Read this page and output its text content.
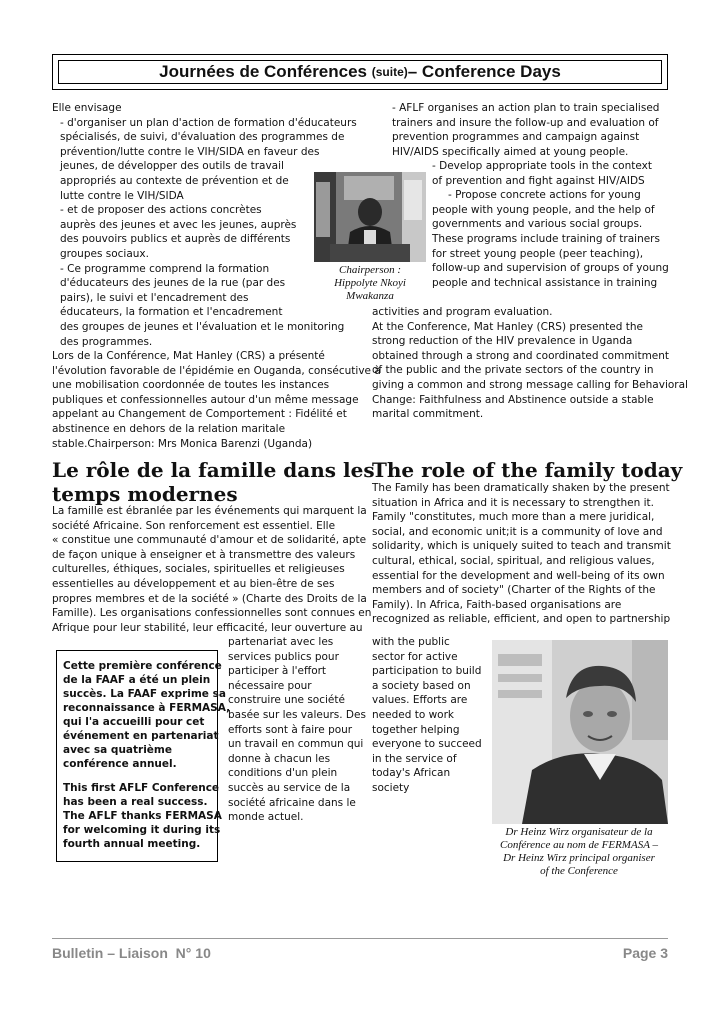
Journées de Conférences
(suite) – Conference Days
Elle envisage
- d'organiser un plan d'action de formation d'éducateurs
spécialisés, de suivi, d'évaluation des programmes de
prévention/lutte contre le VIH/SIDA en faveur des
jeunes, de développer des outils de travail
appropriés au contexte de prévention et de
lutte contre le VIH/SIDA
- et de proposer des actions concrètes
auprès des jeunes et avec les jeunes, auprès
des pouvoirs publics et auprès de différents
groupes sociaux.
- Ce programme comprend la formation
d'éducateurs des jeunes de la rue (par des
pairs), le suivi et l'encadrement des
éducateurs, la formation et l'encadrement
des groupes de jeunes et l'évaluation et le monitoring
des programmes.
Lors de la Conférence, Mat Hanley (CRS) a présenté
l'évolution favorable de l'épidémie en Ouganda, consécutive à
une mobilisation coordonnée de toutes les instances
publiques et confessionnelles autour d'un même message
appelant au Changement de Comportement : Fidélité et
abstinence en dehors de la relation maritale
stable.Chairperson: Mrs Monica Barenzi (Uganda)
Chairperson :
Hippolyte Nkoyi
Mwakanza
- AFLF organises an action plan to train specialised
trainers and insure the follow-up and evaluation of
prevention programmes and campaign against
HIV/AIDS specifically aimed at young people.
- Develop appropriate tools in the context
of prevention and fight against HIV/AIDS
- Propose concrete actions for young
people with young people, and the help of
governments and various social groups.
These programs include training of trainers
for street young people (peer teaching),
follow-up and supervision of groups of young
people and technical assistance in training
activities and program evaluation.
At the Conference, Mat Hanley (CRS) presented the
strong reduction of the HIV prevalence in Uganda
obtained through a strong and coordinated commitment
of the public and the private sectors of the country in
giving a common and strong message calling for Behavioral
Change: Faithfulness and Abstinence outside a stable
marital commitment.
Le rôle de la famille dans les
temps modernes
La famille est ébranlée par les événements qui marquent la
société Africaine. Son renforcement est essentiel. Elle
« constitue une communauté d'amour et de solidarité, apte
de façon unique à enseigner et à transmettre des valeurs
culturelles, éthiques, sociales, spirituelles et religieuses
essentielles au développement et au bien-être de ses
propres membres et de la société » (Charte des Droits de la
Famille). Les organisations confessionnelles sont connues en
Afrique pour leur stabilité, leur efficacité, leur ouverture au
partenariat avec les
services publics pour
participer à l'effort
nécessaire pour
construire une société
basée sur les valeurs. Des
efforts sont à faire pour
un travail en commun qui
donne à chacun les
conditions d'un plein
succès au service de la
société africaine dans le
monde actuel.
Cette première conférence
de la FAAF a été un plein
succès. La FAAF exprime sa
reconnaissance à FERMASA,
qui l'a accueilli pour cet
événement en partenariat
avec sa quatrième
conférence annuel.
This first AFLF Conference
has been a real success.
The AFLF thanks FERMASA
for welcoming it during its
fourth annual meeting.
The role of the family today
The Family has been dramatically shaken by the present
situation in Africa and it is necessary to strengthen it.
Family "constitutes, much more than a mere juridical,
social, and economic unit;it is a community of love and
solidarity, which is uniquely suited to teach and transmit
cultural, ethical, social, spiritual, and religious values,
essential for the development and well-being of its own
members and of society" (Charter of the Rights of the
Family). In Africa, Faith-based organisations are
recognized as reliable, efficient, and open to partnership
with the public
sector for active
participation to build
a society based on
values. Efforts are
needed to work
together helping
everyone to succeed
in the service of
today's African
society
Dr Heinz Wirz organisateur de la
Conférence au nom de FERMASA –
Dr Heinz Wirz principal organiser
of the Conference
Bulletin – Liaison  N° 10	Page 3
